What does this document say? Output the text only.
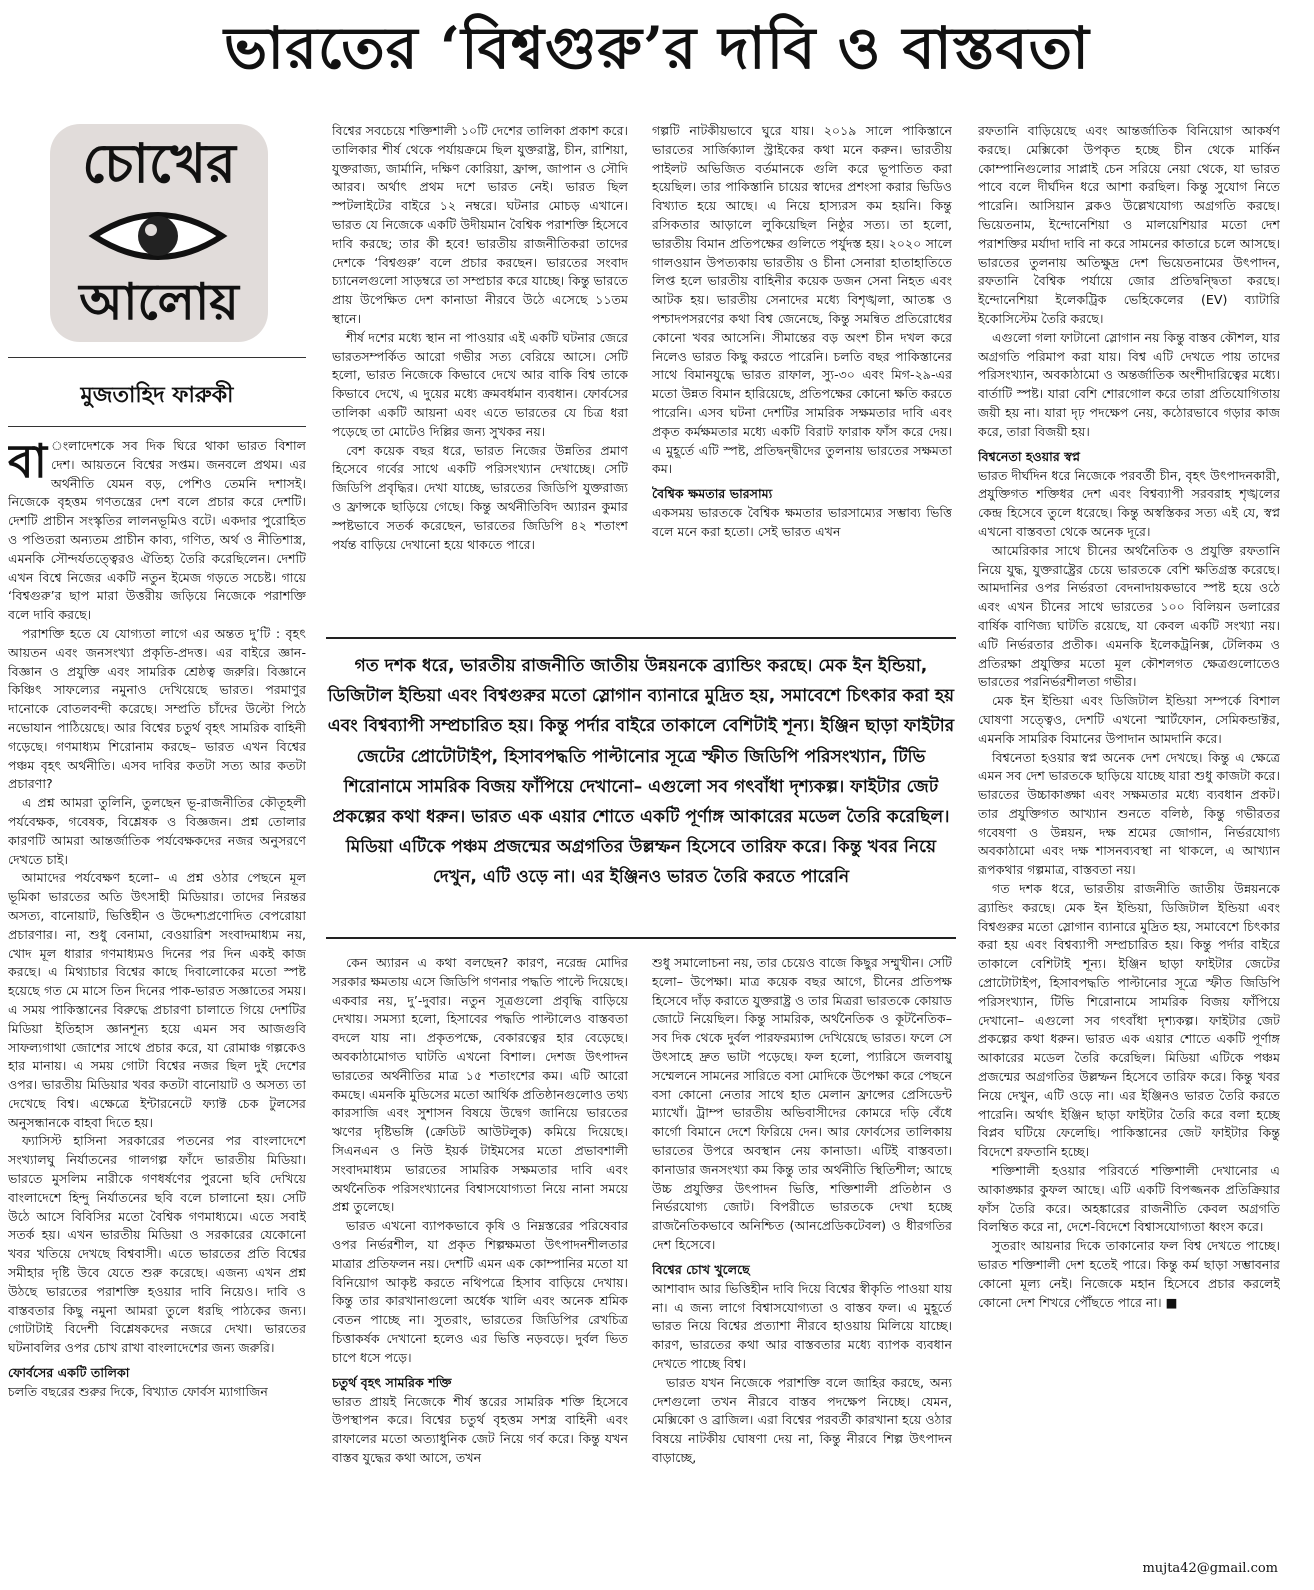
ভারতের ‘বিশ্বগুরু’র দাবি ও বাস্তবতা
চোখের
আলোয়
মুজতাহিদ ফারুকী

বা ংলাদেশকে সব দিক ঘিরে থাকা ভারত বিশাল দেশ। আয়তনে বিশ্বের সপ্তম। জনবলে প্রথম। এর অর্থনীতি যেমন বড়, পেশিও তেমনি দশাসই। নিজেকে বৃহত্তম গণতন্ত্রের দেশ বলে প্রচার করে দেশটি। দেশটি প্রাচীন সংস্কৃতির লালনভূমিও বটে। একদার পুরোহিত ও পণ্ডিতরা অন্যতম প্রাচীন কাব্য, গণিত, অর্থ ও নীতিশাস্ত্র, এমনকি সৌন্দর্যতত্ত্বেরও ঐতিহ্য তৈরি করেছিলেন। দেশটি এখন বিশ্বে নিজের একটি নতুন ইমেজ গড়তে সচেষ্ট। গায়ে ‘বিশ্বগুরু’র ছাপ মারা উত্তরীয় জড়িয়ে নিজেকে পরাশক্তি বলে দাবি করছে।

পরাশক্তি হতে যে যোগ্যতা লাগে এর অন্তত দু’টি : বৃহৎ আয়তন এবং জনসংখ্যা প্রকৃতি-প্রদত্ত। এর বাইরে জ্ঞান-বিজ্ঞান ও প্রযুক্তি এবং সামরিক শ্রেষ্ঠত্ব জরুরি। বিজ্ঞানে কিঞ্চিৎ সাফল্যের নমুনাও দেখিয়েছে ভারত। পরমাণুর দানোকে বোতলবন্দী করেছে। সম্প্রতি চাঁদের উল্টো পিঠে নভোযান পাঠিয়েছে। আর বিশ্বের চতুর্থ বৃহৎ সামরিক বাহিনী গড়েছে। গণমাধ্যম শিরোনাম করছে– ভারত এখন বিশ্বের পঞ্চম বৃহৎ অর্থনীতি। এসব দাবির কতটা সত্য আর কতটা প্রচারণা?

এ প্রশ্ন আমরা তুলিনি, তুলছেন ভূ-রাজনীতির কৌতূহলী পর্যবেক্ষক, গবেষক, বিশ্লেষক ও বিজ্ঞজন। প্রশ্ন তোলার কারণটি আমরা আন্তর্জাতিক পর্যবেক্ষকদের নজর অনুসরণে দেখতে চাই।

আমাদের পর্যবেক্ষণ হলো– এ প্রশ্ন ওঠার পেছনে মূল ভূমিকা ভারতের অতি উৎসাহী মিডিয়ার। তাদের নিরন্তর অসত্য, বানোয়াট, ভিত্তিহীন ও উদ্দেশ্যপ্রণোদিত বেপরোয়া প্রচারণার। না, শুধু বেনামা, বেওয়ারিশ সংবাদমাধ্যম নয়, খোদ মূল ধারার গণমাধ্যমও দিনের পর দিন একই কাজ করছে। এ মিথ্যাচার বিশ্বের কাছে দিবালোকের মতো স্পষ্ট হয়েছে গত মে মাসে তিন দিনের পাক-ভারত সজ্ঞাতের সময়। এ সময় পাকিস্তানের বিরুদ্ধে প্রচারণা চালাতে গিয়ে দেশটির মিডিয়া ইতিহাস জ্ঞানশূন্য হয়ে এমন সব আজগুবি সাফল্যগাথা জোশের সাথে প্রচার করে, যা রোমাঞ্চ গল্পকেও হার মানায়। এ সময় গোটা বিশ্বের নজর ছিল দুই দেশের ওপর। ভারতীয় মিডিয়ার খবর কতটা বানোয়াট ও অসত্য তা দেখেছে বিশ্ব। এক্ষেত্রে ইন্টারনেটে ফ্যাক্ট চেক টুলসের অনুসন্ধানকে বাহবা দিতে হয়।

ফ্যাসিস্ট হাসিনা সরকারের পতনের পর বাংলাদেশে সংখ্যালঘু নির্যাতনের গালগল্প ফাঁদে ভারতীয় মিডিয়া। ভারতে মুসলিম নারীকে গণধর্ষণের পুরনো ছবি দেখিয়ে বাংলাদেশে হিন্দু নির্যাতনের ছবি বলে চালানো হয়। সেটি উঠে আসে বিবিসির মতো বৈশ্বিক গণমাধ্যমে। এতে সবাই সতর্ক হয়। এখন ভারতীয় মিডিয়া ও সরকারের যেকোনো খবর খতিয়ে দেখছে বিশ্ববাসী। এতে ভারতের প্রতি বিশ্বের সমীহার দৃষ্টি উবে যেতে শুরু করেছে। এজন্য এখন প্রশ্ন উঠছে ভারতের পরাশক্তি হওয়ার দাবি নিয়েও। দাবি ও বাস্তবতার কিছু নমুনা আমরা তুলে ধরছি পাঠকের জন্য। গোটাটাই বিদেশী বিশ্লেষকদের নজরে দেখা। ভারতের ঘটনাবলির ওপর চোখ রাখা বাংলাদেশের জন্য জরুরি।

ফোর্বসের একটি তালিকা

চলতি বছরের শুরুর দিকে, বিখ্যাত ফোর্বস ম্যাগাজিন

বিশ্বের সবচেয়ে শক্তিশালী ১০টি দেশের তালিকা প্রকাশ করে। তালিকার শীর্ষ থেকে পর্যায়ক্রমে ছিল যুক্তরাষ্ট্র, চীন, রাশিয়া, যুক্তরাজ্য, জার্মানি, দক্ষিণ কোরিয়া, ফ্রান্স, জাপান ও সৌদি আরব। অর্থাৎ প্রথম দশে ভারত নেই। ভারত ছিল স্পটলাইটের বাইরে ১২ নম্বরে। ঘটনার মোচড় এখানে। ভারত যে নিজেকে একটি উদীয়মান বৈশ্বিক পরাশক্তি হিসেবে দাবি করছে; তার কী হবে! ভারতীয় রাজনীতিকরা তাদের দেশকে ‘বিশ্বগুরু’ বলে প্রচার করছেন। ভারতের সংবাদ চ্যানেলগুলো সাড়ম্বরে তা সম্প্রচার করে যাচ্ছে। কিন্তু ভারতে প্রায় উপেক্ষিত দেশ কানাডা নীরবে উঠে এসেছে ১১তম স্থানে।

শীর্ষ দশের মধ্যে স্থান না পাওয়ার এই একটি ঘটনার জেরে ভারতসম্পর্কিত আরো গভীর সত্য বেরিয়ে আসে। সেটি হলো, ভারত নিজেকে কিভাবে দেখে আর বাকি বিশ্ব তাকে কিভাবে দেখে, এ দুয়ের মধ্যে ক্রমবর্ধমান ব্যবধান। ফোর্বসের তালিকা একটি আয়না এবং এতে ভারতের যে চিত্র ধরা পড়েছে তা মোটেও দিল্লির জন্য সুখকর নয়।

বেশ কয়েক বছর ধরে, ভারত নিজের উন্নতির প্রমাণ হিসেবে গর্বের সাথে একটি পরিসংখ্যান দেখাচ্ছে। সেটি জিডিপি প্রবৃদ্ধির। দেখা যাচ্ছে, ভারতের জিডিপি যুক্তরাজ্য ও ফ্রান্সকে ছাড়িয়ে গেছে। কিন্তু অর্থনীতিবিদ অ্যারন কুমার স্পষ্টভাবে সতর্ক করেছেন, ভারতের জিডিপি ৪২ শতাংশ পর্যন্ত বাড়িয়ে দেখানো হয়ে থাকতে পারে।

গল্পটি নাটকীয়ভাবে ঘুরে যায়। ২০১৯ সালে পাকিস্তানে ভারতের সার্জিক্যাল স্ট্রাইকের কথা মনে করুন। ভারতীয় পাইলট অভিজিত বর্তমানকে গুলি করে ভূপাতিত করা হয়েছিল। তার পাকিস্তানি চায়ের স্বাদের প্রশংসা করার ভিডিও বিখ্যাত হয়ে আছে। এ নিয়ে হাস্যরস কম হয়নি। কিন্তু রসিকতার আড়ালে লুকিয়েছিল নিষ্ঠুর সত্য। তা হলো, ভারতীয় বিমান প্রতিপক্ষের গুলিতে পর্যুদস্ত হয়। ২০২০ সালে গালওয়ান উপত্যকায় ভারতীয় ও চীনা সেনারা হাতাহাতিতে লিপ্ত হলে ভারতীয় বাহিনীর কয়েক ডজন সেনা নিহত এবং আটক হয়। ভারতীয় সেনাদের মধ্যে বিশৃঙ্খলা, আতঙ্ক ও পশ্চাদপসরণের কথা বিশ্ব জেনেছে, কিন্তু সমন্বিত প্রতিরোধের কোনো খবর আসেনি। সীমান্তের বড় অংশ চীন দখল করে নিলেও ভারত কিছু করতে পারেনি। চলতি বছর পাকিস্তানের সাথে বিমানযুদ্ধে ভারত রাফাল, স্যু-৩০ এবং মিগ-২৯-এর মতো উন্নত বিমান হারিয়েছে, প্রতিপক্ষের কোনো ক্ষতি করতে পারেনি। এসব ঘটনা দেশটির সামরিক সক্ষমতার দাবি এবং প্রকৃত কর্মক্ষমতার মধ্যে একটি বিরাট ফারাক ফাঁস করে দেয়। এ মুহূর্তে এটি স্পষ্ট, প্রতিদ্বন্দ্বীদের তুলনায় ভারতের সক্ষমতা কম।

বৈশ্বিক ক্ষমতার ভারসাম্য

একসময় ভারতকে বৈশ্বিক ক্ষমতার ভারসাম্যের সম্ভাব্য ভিত্তি বলে মনে করা হতো। সেই ভারত এখন

গত দশক ধরে, ভারতীয় রাজনীতি জাতীয় উন্নয়নকে ব্র্যান্ডিং করছে। মেক ইন ইন্ডিয়া, ডিজিটাল ইন্ডিয়া এবং বিশ্বগুরুর মতো স্লোগান ব্যানারে মুদ্রিত হয়, সমাবেশে চিৎকার করা হয় এবং বিশ্বব্যাপী সম্প্রচারিত হয়। কিন্তু পর্দার বাইরে তাকালে বেশিটাই শূন্য। ইঞ্জিন ছাড়া ফাইটার জেটের প্রোটোটাইপ, হিসাবপদ্ধতি পাল্টানোর সূত্রে স্ফীত জিডিপি পরিসংখ্যান, টিভি শিরোনামে সামরিক বিজয় ফাঁপিয়ে দেখানো– এগুলো সব গৎবাঁধা দৃশ্যকল্প। ফাইটার জেট প্রকল্পের কথা ধরুন। ভারত এক এয়ার শোতে একটি পূর্ণাঙ্গ আকারের মডেল তৈরি করেছিল। মিডিয়া এটিকে পঞ্চম প্রজন্মের অগ্রগতির উল্লম্ফন হিসেবে তারিফ করে। কিন্তু খবর নিয়ে দেখুন, এটি ওড়ে না। এর ইঞ্জিনও ভারত তৈরি করতে পারেনি

কেন অ্যারন এ কথা বলছেন? কারণ, নরেন্দ্র মোদির সরকার ক্ষমতায় এসে জিডিপি গণনার পদ্ধতি পাল্টে দিয়েছে। একবার নয়, দু’-দুবার। নতুন সূত্রগুলো প্রবৃদ্ধি বাড়িয়ে দেখায়। সমস্যা হলো, হিসাবের পদ্ধতি পাল্টালেও বাস্তবতা বদলে যায় না। প্রকৃতপক্ষে, বেকারত্বের হার বেড়েছে। অবকাঠামোগত ঘাটতি এখনো বিশাল। দেশজ উৎপাদন ভারতের অর্থনীতির মাত্র ১৫ শতাংশের কম। এটি আরো কমছে। এমনকি মুডিসের মতো আর্থিক প্রতিষ্ঠানগুলোও তথ্য কারসাজি এবং সুশাসন বিষয়ে উদ্বেগ জানিয়ে ভারতের ঋণের দৃষ্টিভঙ্গি (ক্রেডিট আউটলুক) কমিয়ে দিয়েছে। সিএনএন ও নিউ ইয়র্ক টাইমসের মতো প্রভাবশালী সংবাদমাধ্যম ভারতের সামরিক সক্ষমতার দাবি এবং অর্থনৈতিক পরিসংখ্যানের বিশ্বাসযোগ্যতা নিয়ে নানা সময়ে প্রশ্ন তুলেছে।

ভারত এখনো ব্যাপকভাবে কৃষি ও নিম্নস্তরের পরিষেবার ওপর নির্ভরশীল, যা প্রকৃত শিল্পক্ষমতা উৎপাদনশীলতার মাত্রার প্রতিফলন নয়। দেশটি এমন এক কোম্পানির মতো যা বিনিয়োগ আকৃষ্ট করতে নথিপত্রে হিসাব বাড়িয়ে দেখায়। কিন্তু তার কারখানাগুলো অর্ধেক খালি এবং অনেক শ্রমিক বেতন পাচ্ছে না। সুতরাং, ভারতের জিডিপির রেখচিত্র চিত্তাকর্ষক দেখানো হলেও এর ভিত্তি নড়বড়ে। দুর্বল ভিত চাপে ধসে পড়ে।

চতুর্থ বৃহৎ সামরিক শক্তি

ভারত প্রায়ই নিজেকে শীর্ষ স্তরের সামরিক শক্তি হিসেবে উপস্থাপন করে। বিশ্বের চতুর্থ বৃহত্তম সশস্ত্র বাহিনী এবং রাফালের মতো অত্যাধুনিক জেট নিয়ে গর্ব করে। কিন্তু যখন বাস্তব যুদ্ধের কথা আসে, তখন

শুধু সমালোচনা নয়, তার চেয়েও বাজে কিছুর সম্মুখীন। সেটি হলো– উপেক্ষা। মাত্র কয়েক বছর আগে, চীনের প্রতিপক্ষ হিসেবে দাঁড় করাতে যুক্তরাষ্ট্র ও তার মিত্ররা ভারতকে কোয়াড জোটে নিয়েছিল। কিন্তু সামরিক, অর্থনৈতিক ও কূটনৈতিক– সব দিক থেকে দুর্বল পারফরম্যান্স দেখিয়েছে ভারত। ফলে সে উৎসাহে দ্রুত ভাটা পড়েছে। ফল হলো, প্যারিসে জলবায়ু সম্মেলনে সামনের সারিতে বসা মোদিকে উপেক্ষা করে পেছনে বসা কোনো নেতার সাথে হাত মেলান ফ্রান্সের প্রেসিডেন্ট ম্যাখোঁ। ট্রাম্প ভারতীয় অভিবাসীদের কোমরে দড়ি বেঁধে কার্গো বিমানে দেশে ফিরিয়ে দেন। আর ফোর্বসের তালিকায় ভারতের উপরে অবস্থান নেয় কানাডা। এটিই বাস্তবতা। কানাডার জনসংখ্যা কম কিন্তু তার অর্থনীতি স্থিতিশীল; আছে উচ্চ প্রযুক্তির উৎপাদন ভিত্তি, শক্তিশালী প্রতিষ্ঠান ও নির্ভরযোগ্য জোট। বিপরীতে ভারতকে দেখা হচ্ছে রাজনৈতিকভাবে অনিশ্চিত (আনপ্রেডিকটেবল) ও ধীরগতির দেশ হিসেবে।

বিশ্বের চোখ খুলেছে

আশাবাদ আর ভিত্তিহীন দাবি দিয়ে বিশ্বের স্বীকৃতি পাওয়া যায় না। এ জন্য লাগে বিশ্বাসযোগ্যতা ও বাস্তব ফল। এ মুহূর্তে ভারত নিয়ে বিশ্বের প্রত্যাশা নীরবে হাওয়ায় মিলিয়ে যাচ্ছে। কারণ, ভারতের কথা আর বাস্তবতার মধ্যে ব্যাপক ব্যবধান দেখতে পাচ্ছে বিশ্ব।

ভারত যখন নিজেকে পরাশক্তি বলে জাহির করছে, অন্য দেশগুলো তখন নীরবে বাস্তব পদক্ষেপ নিচ্ছে। যেমন, মেক্সিকো ও ব্রাজিল। এরা বিশ্বের পরবর্তী কারখানা হয়ে ওঠার বিষয়ে নাটকীয় ঘোষণা দেয় না, কিন্তু নীরবে শিল্প উৎপাদন বাড়াচ্ছে,

রফতানি বাড়িয়েছে এবং আন্তর্জাতিক বিনিয়োগ আকর্ষণ করছে। মেক্সিকো উপকৃত হচ্ছে চীন থেকে মার্কিন কোম্পানিগুলোর সাপ্লাই চেন সরিয়ে নেয়া থেকে, যা ভারত পাবে বলে দীর্ঘদিন ধরে আশা করছিল। কিন্তু সুযোগ নিতে পারেনি। আসিয়ান ব্লকও উল্লেখযোগ্য অগ্রগতি করছে। ভিয়েতনাম, ইন্দোনেশিয়া ও মালয়েশিয়ার মতো দেশ পরাশক্তির মর্যাদা দাবি না করে সামনের কাতারে চলে আসছে। ভারতের তুলনায় অতিক্ষুদ্র দেশ ভিয়েতনামের উৎপাদন, রফতানি বৈশ্বিক পর্যায়ে জোর প্রতিদ্বন্দ্বিতা করছে। ইন্দোনেশিয়া ইলেকট্রিক ভেহিকেলের (EV) ব্যাটারি ইকোসিস্টেম তৈরি করছে।

এগুলো গলা ফাটানো স্লোগান নয় কিন্তু বাস্তব কৌশল, যার অগ্রগতি পরিমাপ করা যায়। বিশ্ব এটি দেখতে পায় তাদের পরিসংখ্যান, অবকাঠামো ও অন্তর্জাতিক অংশীদারিত্বের মধ্যে। বার্তাটি স্পষ্ট। যারা বেশি শোরগোল করে তারা প্রতিযোগিতায় জয়ী হয় না। যারা দৃঢ় পদক্ষেপ নেয়, কঠোরভাবে গড়ার কাজ করে, তারা বিজয়ী হয়।

বিশ্বনেতা হওয়ার স্বপ্ন

ভারত দীর্ঘদিন ধরে নিজেকে পরবর্তী চীন, বৃহৎ উৎপাদনকারী, প্রযুক্তিগত শক্তিধর দেশ এবং বিশ্বব্যাপী সরবরাহ শৃঙ্খলের কেন্দ্র হিসেবে তুলে ধরেছে। কিন্তু অস্বস্তিকর সত্য এই যে, স্বপ্ন এখনো বাস্তবতা থেকে অনেক দূরে।

আমেরিকার সাথে চীনের অর্থনৈতিক ও প্রযুক্তি রফতানি নিয়ে যুদ্ধ, যুক্তরাষ্ট্রের চেয়ে ভারতকে বেশি ক্ষতিগ্রস্ত করেছে। আমদানির ওপর নির্ভরতা বেদনাদায়কভাবে স্পষ্ট হয়ে ওঠে এবং এখন চীনের সাথে ভারতের ১০০ বিলিয়ন ডলারের বার্ষিক বাণিজ্য ঘাটতি রয়েছে, যা কেবল একটি সংখ্যা নয়। এটি নির্ভরতার প্রতীক। এমনকি ইলেকট্রনিক্স, টেলিকম ও প্রতিরক্ষা প্রযুক্তির মতো মূল কৌশলগত ক্ষেত্রগুলোতেও ভারতের পরনির্ভরশীলতা গভীর।

মেক ইন ইন্ডিয়া এবং ডিজিটাল ইন্ডিয়া সম্পর্কে বিশাল ঘোষণা সত্ত্বেও, দেশটি এখনো স্মার্টফোন, সেমিকন্ডাক্টর, এমনকি সামরিক বিমানের উপাদান আমদানি করে।

বিশ্বনেতা হওয়ার স্বপ্ন অনেক দেশ দেখছে। কিন্তু এ ক্ষেত্রে এমন সব দেশ ভারতকে ছাড়িয়ে যাচ্ছে যারা শুধু কাজটা করে। ভারতের উচ্চাকাঙ্ক্ষা এবং সক্ষমতার মধ্যে ব্যবধান প্রকট। তার প্রযুক্তিগত আখ্যান শুনতে বলিষ্ঠ, কিন্তু গভীরতর গবেষণা ও উন্নয়ন, দক্ষ শ্রমের জোগান, নির্ভরযোগ্য অবকাঠামো এবং দক্ষ শাসনব্যবস্থা না থাকলে, এ আখ্যান রূপকথার গল্পমাত্র, বাস্তবতা নয়।

গত দশক ধরে, ভারতীয় রাজনীতি জাতীয় উন্নয়নকে ব্র্যান্ডিং করছে। মেক ইন ইন্ডিয়া, ডিজিটাল ইন্ডিয়া এবং বিশ্বগুরুর মতো স্লোগান ব্যানারে মুদ্রিত হয়, সমাবেশে চিৎকার করা হয় এবং বিশ্বব্যাপী সম্প্রচারিত হয়। কিন্তু পর্দার বাইরে তাকালে বেশিটাই শূন্য। ইঞ্জিন ছাড়া ফাইটার জেটের প্রোটোটাইপ, হিসাবপদ্ধতি পাল্টানোর সূত্রে স্ফীত জিডিপি পরিসংখ্যান, টিভি শিরোনামে সামরিক বিজয় ফাঁপিয়ে দেখানো– এগুলো সব গৎবাঁধা দৃশ্যকল্প। ফাইটার জেট প্রকল্পের কথা ধরুন। ভারত এক এয়ার শোতে একটি পূর্ণাঙ্গ আকারের মডেল তৈরি করেছিল। মিডিয়া এটিকে পঞ্চম প্রজন্মের অগ্রগতির উল্লম্ফন হিসেবে তারিফ করে। কিন্তু খবর নিয়ে দেখুন, এটি ওড়ে না। এর ইঞ্জিনও ভারত তৈরি করতে পারেনি। অর্থাৎ ইঞ্জিন ছাড়া ফাইটার তৈরি করে বলা হচ্ছে বিপ্লব ঘটিয়ে ফেলেছি। পাকিস্তানের জেট ফাইটার কিন্তু বিদেশে রফতানি হচ্ছে।

শক্তিশালী হওয়ার পরিবর্তে শক্তিশালী দেখানোর এ আকাঙ্ক্ষার কুফল আছে। এটি একটি বিপজ্জনক প্রতিক্রিয়ার ফাঁস তৈরি করে। অহঙ্কারের রাজনীতি কেবল অগ্রগতি বিলম্বিত করে না, দেশে-বিদেশে বিশ্বাসযোগ্যতা ধ্বংস করে।

সুতরাং আয়নার দিকে তাকানোর ফল বিশ্ব দেখতে পাচ্ছে। ভারত শক্তিশালী দেশ হতেই পারে। কিন্তু কর্ম ছাড়া সম্ভাবনার কোনো মূল্য নেই। নিজেকে মহান হিসেবে প্রচার করলেই কোনো দেশ শিখরে পৌঁছতে পারে না। ■

mujta42@gmail.com
